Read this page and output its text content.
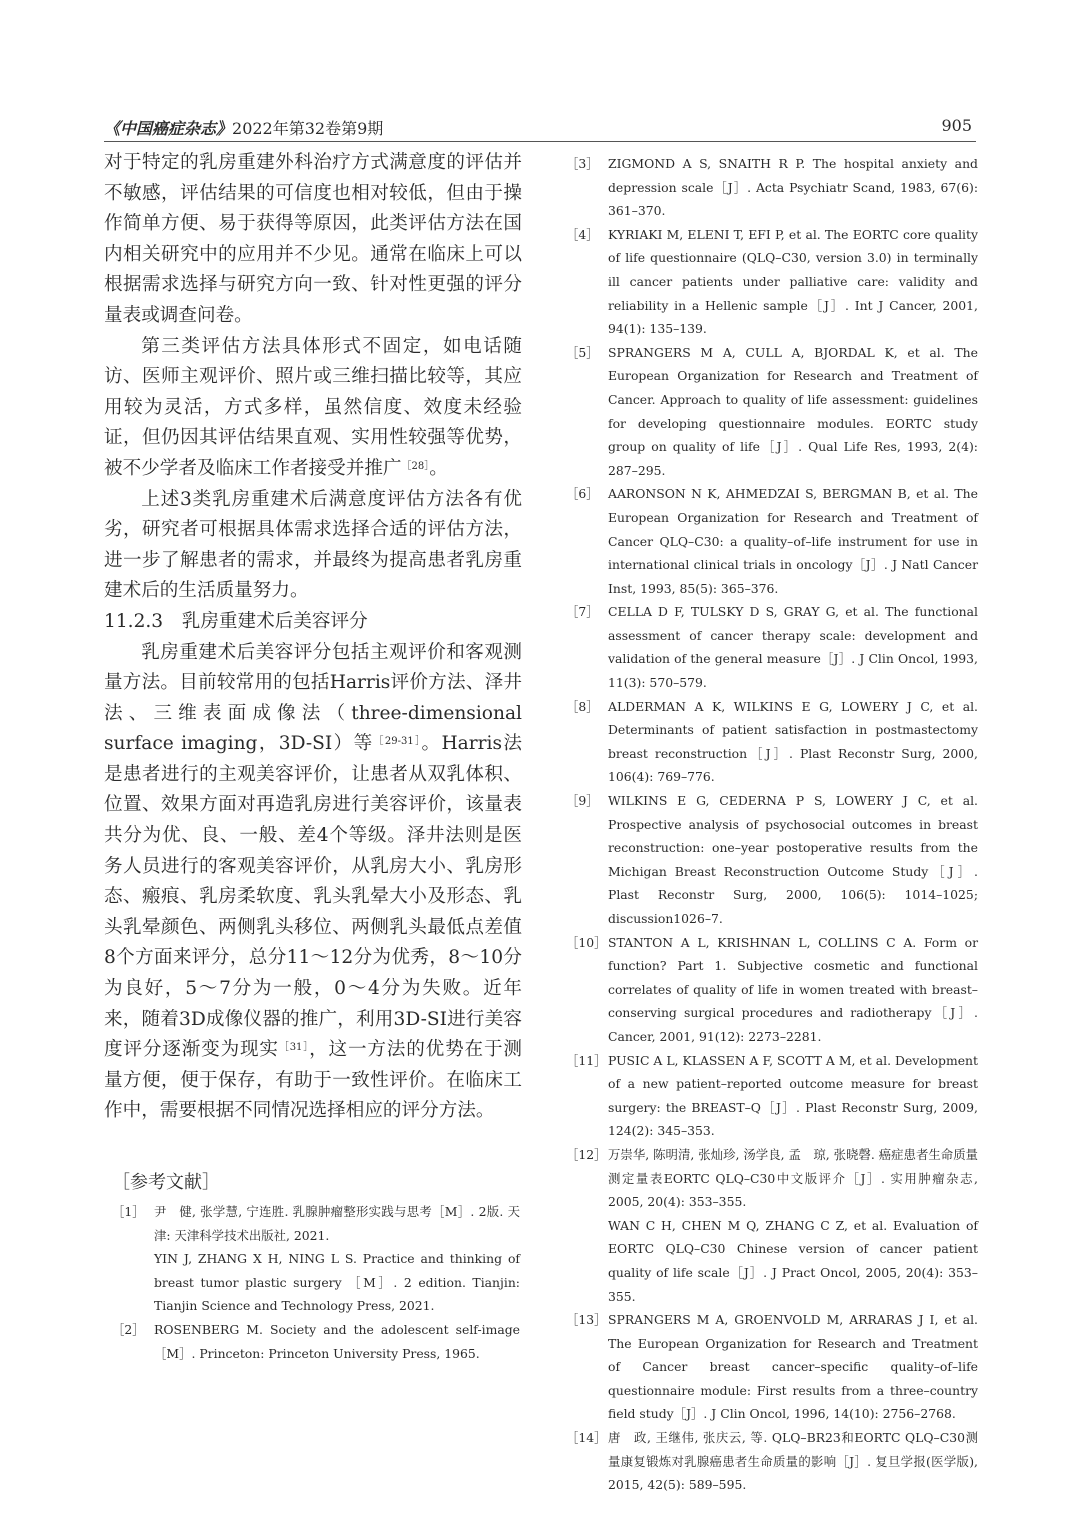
《中国癌症杂志》2022年第32卷第9期	905

对于特定的乳房重建外科治疗方式满意度的评估并不敏感，评估结果的可信度也相对较低，但由于操作简单方便、易于获得等原因，此类评估方法在国内相关研究中的应用并不少见。通常在临床上可以根据需求选择与研究方向一致、针对性更强的评分量表或调查问卷。

第三类评估方法具体形式不固定，如电话随访、医师主观评价、照片或三维扫描比较等，其应用较为灵活，方式多样，虽然信度、效度未经验证，但仍因其评估结果直观、实用性较强等优势，被不少学者及临床工作者接受并推广$^{[28]}$。

上述3类乳房重建术后满意度评估方法各有优劣，研究者可根据具体需求选择合适的评估方法，进一步了解患者的需求，并最终为提高患者乳房重建术后的生活质量努力。

11.2.3　乳房重建术后美容评分

乳房重建术后美容评分包括主观评价和客观测量方法。目前较常用的包括Harris评价方法、泽井法、三维表面成像法（three-dimensional surface imaging，3D-SI）等$^{[29-31]}$。Harris法是患者进行的主观美容评价，让患者从双乳体积、位置、效果方面对再造乳房进行美容评价，该量表共分为优、良、一般、差4个等级。泽井法则是医务人员进行的客观美容评价，从乳房大小、乳房形态、瘢痕、乳房柔软度、乳头乳晕大小及形态、乳头乳晕颜色、两侧乳头移位、两侧乳头最低点差值8个方面来评分，总分11～12分为优秀，8～10分为良好，5～7分为一般，0～4分为失败。近年来，随着3D成像仪器的推广，利用3D-SI进行美容度评分逐渐变为现实$^{[31]}$，这一方法的优势在于测量方便，便于保存，有助于一致性评价。在临床工作中，需要根据不同情况选择相应的评分方法。

［参考文献］
［1］ 尹　健, 张学慧, 宁连胜. 乳腺肿瘤整形实践与思考［M］. 2版. 天津: 天津科学技术出版社, 2021.
YIN J, ZHANG X H, NING L S. Practice and thinking of breast tumor plastic surgery ［M］. 2 edition. Tianjin: Tianjin Science and Technology Press, 2021.
［2］ ROSENBERG M. Society and the adolescent self-image［M］. Princeton: Princeton University Press, 1965.
［3］ ZIGMOND A S, SNAITH R P. The hospital anxiety and depression scale［J］. Acta Psychiatr Scand, 1983, 67(6): 361–370.
［4］ KYRIAKI M, ELENI T, EFI P, et al. The EORTC core quality of life questionnaire (QLQ–C30, version 3.0) in terminally ill cancer patients under palliative care: validity and reliability in a Hellenic sample［J］. Int J Cancer, 2001, 94(1): 135–139.
［5］ SPRANGERS M A, CULL A, BJORDAL K, et al. The European Organization for Research and Treatment of Cancer. Approach to quality of life assessment: guidelines for developing questionnaire modules. EORTC study group on quality of life［J］. Qual Life Res, 1993, 2(4): 287–295.
［6］ AARONSON N K, AHMEDZAI S, BERGMAN B, et al. The European Organization for Research and Treatment of Cancer QLQ–C30: a quality–of–life instrument for use in international clinical trials in oncology［J］. J Natl Cancer Inst, 1993, 85(5): 365–376.
［7］ CELLA D F, TULSKY D S, GRAY G, et al. The functional assessment of cancer therapy scale: development and validation of the general measure［J］. J Clin Oncol, 1993, 11(3): 570–579.
［8］ ALDERMAN A K, WILKINS E G, LOWERY J C, et al. Determinants of patient satisfaction in postmastectomy breast reconstruction［J］. Plast Reconstr Surg, 2000, 106(4): 769–776.
［9］ WILKINS E G, CEDERNA P S, LOWERY J C, et al. Prospective analysis of psychosocial outcomes in breast reconstruction: one–year postoperative results from the Michigan Breast Reconstruction Outcome Study［J］. Plast Reconstr Surg, 2000, 106(5): 1014–1025; discussion1026–7.
［10］ STANTON A L, KRISHNAN L, COLLINS C A. Form or function? Part 1. Subjective cosmetic and functional correlates of quality of life in women treated with breast–conserving surgical procedures and radiotherapy［J］. Cancer, 2001, 91(12): 2273–2281.
［11］ PUSIC A L, KLASSEN A F, SCOTT A M, et al. Development of a new patient–reported outcome measure for breast surgery: the BREAST–Q［J］. Plast Reconstr Surg, 2009, 124(2): 345–353.
［12］ 万崇华, 陈明清, 张灿珍, 汤学良, 孟　琼, 张晓磬. 癌症患者生命质量测定量表EORTC QLQ–C30中文版评介［J］. 实用肿瘤杂志, 2005, 20(4): 353–355.
WAN C H, CHEN M Q, ZHANG C Z, et al. Evaluation of EORTC QLQ–C30 Chinese version of cancer patient quality of life scale［J］. J Pract Oncol, 2005, 20(4): 353–355.
［13］ SPRANGERS M A, GROENVOLD M, ARRARAS J I, et al. The European Organization for Research and Treatment of Cancer breast cancer–specific quality–of–life questionnaire module: First results from a three–country field study［J］. J Clin Oncol, 1996, 14(10): 2756–2768.
［14］ 唐　政, 王继伟, 张庆云, 等. QLQ–BR23和EORTC QLQ–C30测量康复锻炼对乳腺癌患者生命质量的影响［J］. 复旦学报(医学版), 2015, 42(5): 589–595.
